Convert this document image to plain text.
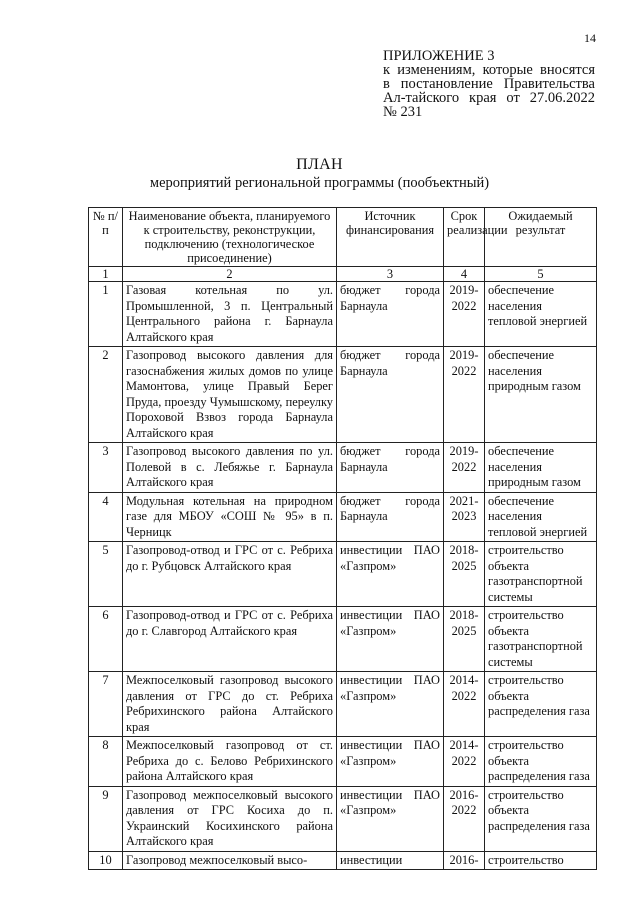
14
ПРИЛОЖЕНИЕ 3
к изменениям, которые вносятся
в постановление Правительства
Ал-тайского края от 27.06.2022
№ 231
ПЛАН
мероприятий региональной программы (пообъектный)
№ п/п	Наименование объекта, планируемого к строительству, реконструкции, подключению (технологическое присоединение)	Источник финансирования	Срок реализации	Ожидаемый результат
1	2	3	4	5
1	Газовая котельная по ул. Промышленной, 3 п. Центральный Центрального района г. Барнаула Алтайского края	бюджет города Барнаула	2019-2022	обеспечение населения тепловой энергией
2	Газопровод высокого давления для газоснабжения жилых домов по улице Мамонтова, улице Правый Берег Пруда, проезду Чумышскому, переулку Пороховой Взвоз города Барнаула Алтайского края	бюджет города Барнаула	2019-2022	обеспечение населения природным газом
3	Газопровод высокого давления по ул. Полевой в с. Лебяжье г. Барнаула Алтайского края	бюджет города Барнаула	2019-2022	обеспечение населения природным газом
4	Модульная котельная на природном газе для МБОУ «СОШ № 95» в п. Черницк	бюджет города Барнаула	2021-2023	обеспечение населения тепловой энергией
5	Газопровод-отвод и ГРС от с. Ребриха до г. Рубцовск Алтайского края	инвестиции ПАО «Газпром»	2018-2025	строительство объекта газотранспортной системы
6	Газопровод-отвод и ГРС от с. Ребриха до г. Славгород Алтайского края	инвестиции ПАО «Газпром»	2018-2025	строительство объекта газотранспортной системы
7	Межпоселковый газопровод высокого давления от ГРС до ст. Ребриха Ребрихинского района Алтайского края	инвестиции ПАО «Газпром»	2014-2022	строительство объекта распределения газа
8	Межпоселковый газопровод от ст. Ребриха до с. Белово Ребрихинского района Алтайского края	инвестиции ПАО «Газпром»	2014-2022	строительство объекта распределения газа
9	Газопровод межпоселковый высокого давления от ГРС Косиха до п. Украинский Косихинского района Алтайского края	инвестиции ПАО «Газпром»	2016-2022	строительство объекта распределения газа
10	Газопровод межпоселковый высо-	инвестиции	2016-	строительство
